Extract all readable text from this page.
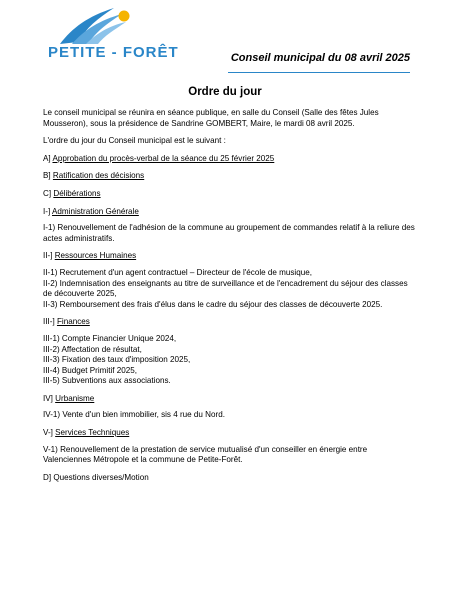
PETITE - FORÊT	Conseil municipal du 08 avril 2025
Ordre du jour

Le conseil municipal se réunira en séance publique, en salle du Conseil (Salle des fêtes Jules Mousseron), sous la présidence de Sandrine GOMBERT, Maire, le mardi 08 avril 2025.

L'ordre du jour du Conseil municipal est le suivant :

A] Approbation du procès-verbal de la séance du 25 février 2025

B] Ratification des décisions

C] Délibérations

I-] Administration Générale

I-1) Renouvellement de l'adhésion de la commune au groupement de commandes relatif à la reliure des actes administratifs.

II-] Ressources Humaines

II-1) Recrutement d'un agent contractuel – Directeur de l'école de musique,
II-2) Indemnisation des enseignants au titre de surveillance et de l'encadrement du séjour des classes de découverte 2025,
II-3) Remboursement des frais d'élus dans le cadre du séjour des classes de découverte 2025.

III-] Finances

III-1) Compte Financier Unique 2024,
III-2) Affectation de résultat,
III-3) Fixation des taux d'imposition 2025,
III-4) Budget Primitif 2025,
III-5) Subventions aux associations.

IV] Urbanisme

IV-1) Vente d'un bien immobilier, sis 4 rue du Nord.

V-] Services Techniques

V-1) Renouvellement de la prestation de service mutualisé d'un conseiller en énergie entre Valenciennes Métropole et la commune de Petite-Forêt.

D] Questions diverses/Motion
